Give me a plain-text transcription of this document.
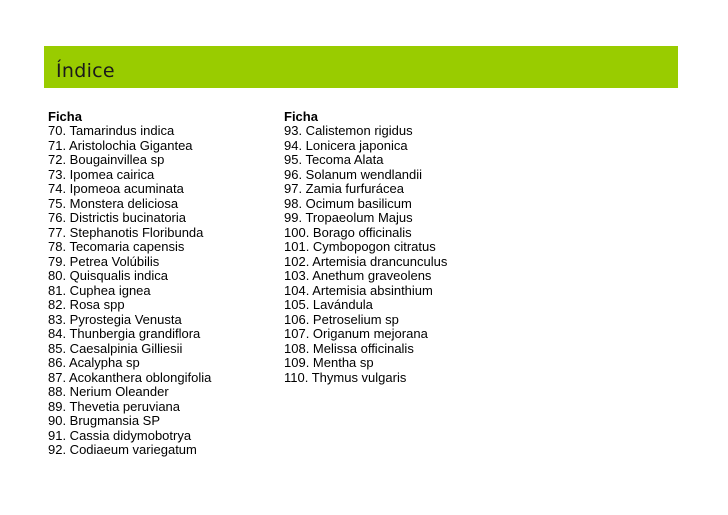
Índice
Ficha
70. Tamarindus indica
71. Aristolochia Gigantea
72. Bougainvillea sp
73. Ipomea cairica
74. Ipomeoa acuminata
75. Monstera deliciosa
76. Districtis bucinatoria
77. Stephanotis Floribunda
78. Tecomaria capensis
79. Petrea Volúbilis
80. Quisqualis indica
81. Cuphea ignea
82. Rosa spp
83. Pyrostegia Venusta
84. Thunbergia grandiflora
85. Caesalpinia Gilliesii
86. Acalypha sp
87. Acokanthera oblongifolia
88. Nerium Oleander
89. Thevetia peruviana
90. Brugmansia SP
91. Cassia didymobotrya
92. Codiaeum variegatum
Ficha
93. Calistemon rigidus
94. Lonicera japonica
95. Tecoma Alata
96. Solanum wendlandii
97. Zamia furfurácea
98. Ocimum basilicum
99. Tropaeolum Majus
100. Borago officinalis
101. Cymbopogon citratus
102. Artemisia drancunculus
103. Anethum graveolens
104. Artemisia absinthium
105. Lavándula
106. Petroselium sp
107. Origanum mejorana
108. Melissa officinalis
109. Mentha sp
110. Thymus vulgaris
